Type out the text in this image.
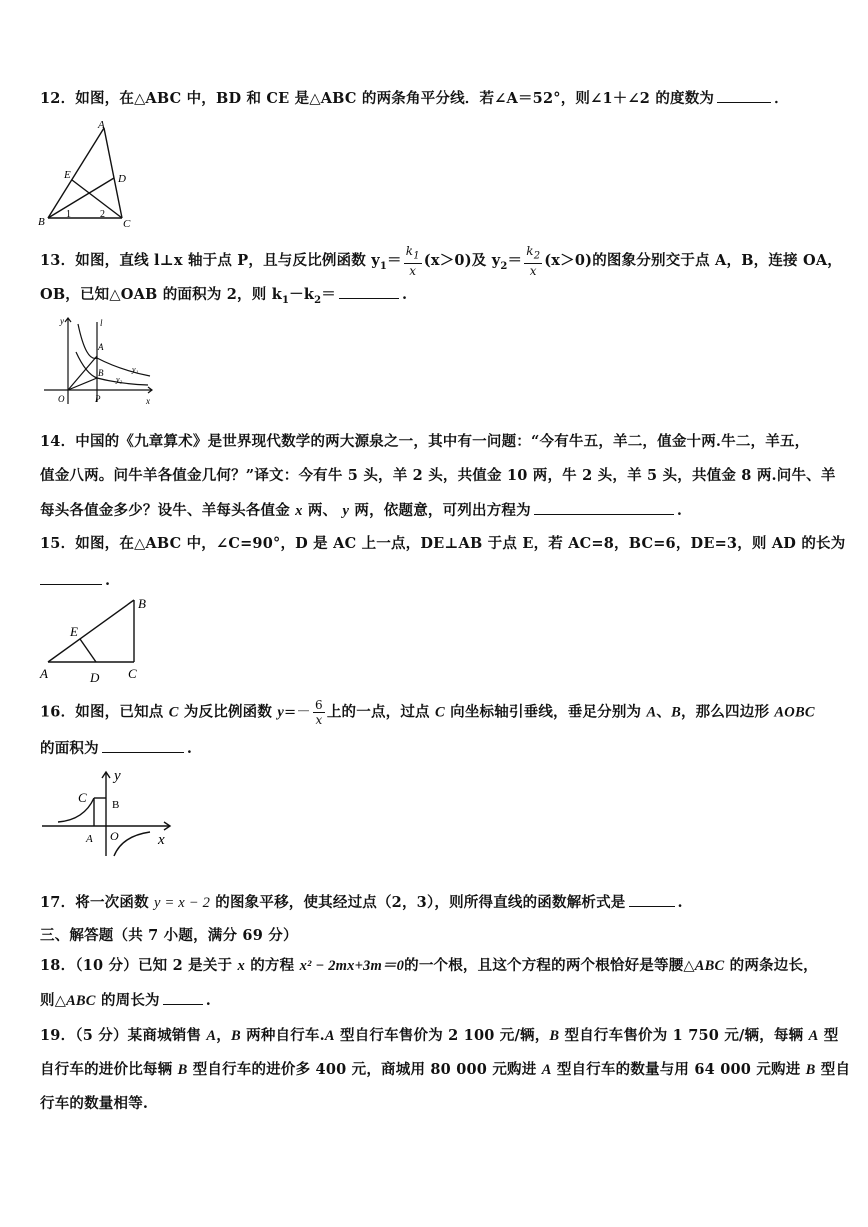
12．如图，在△ABC 中，BD 和 CE 是△ABC 的两条角平分线．若∠A＝52°，则∠1＋∠2 的度数为	．
A
E	D
B	C
1	2
13．如图，直线 l⊥x 轴于点 P，且与反比例函数 $y_1= \frac{k_1}{x} (x>0)$及 $y_2= \frac{k_2}{x} (x>0)$的图象分别交于点 A，B，连接 OA，
OB，已知△OAB 的面积为 2，则 $k_1-k_2=$	.
y	l
A
B
O	P	x
y₁
y₂
14．中国的《九章算术》是世界现代数学的两大源泉之一，其中有一问题：“今有牛五，羊二，值金十两.牛二，羊五，
值金八两。问牛羊各值金几何？”译文：今有牛 5 头，羊 2 头，共值金 10 两，牛 2 头，羊 5 头，共值金 8 两.问牛、羊
每头各值金多少？设牛、羊每头各值金 x 两、 y 两，依题意，可列出方程为	.
15．如图，在△ABC 中，∠C=90°，D 是 AC 上一点，DE⊥AB 于点 E，若 AC=8，BC=6，DE=3，则 AD 的长为
.
B
E
A	D C
16．如图，已知点 C 为反比例函数 $y=- \frac{6}{x}$ 上的一点，过点 C 向坐标轴引垂线，垂足分别为 A、B，那么四边形 AOBC
的面积为	.
y
C B
A O	x
17．将一次函数 y = x − 2 的图象平移，使其经过点（2，3），则所得直线的函数解析式是	.
三、解答题（共 7 小题，满分 69 分）
18．（10 分）已知 2 是关于 x 的方程 x² − 2mx+3m＝0的一个根，且这个方程的两个根恰好是等腰△ABC 的两条边长，
则△ABC 的周长为	.
19．（5 分）某商城销售 A，B 两种自行车.A 型自行车售价为 2 100 元/辆，B 型自行车售价为 1 750 元/辆，每辆 A 型
自行车的进价比每辆 B 型自行车的进价多 400 元，商城用 80 000 元购进 A 型自行车的数量与用 64 000 元购进 B 型自
行车的数量相等.
